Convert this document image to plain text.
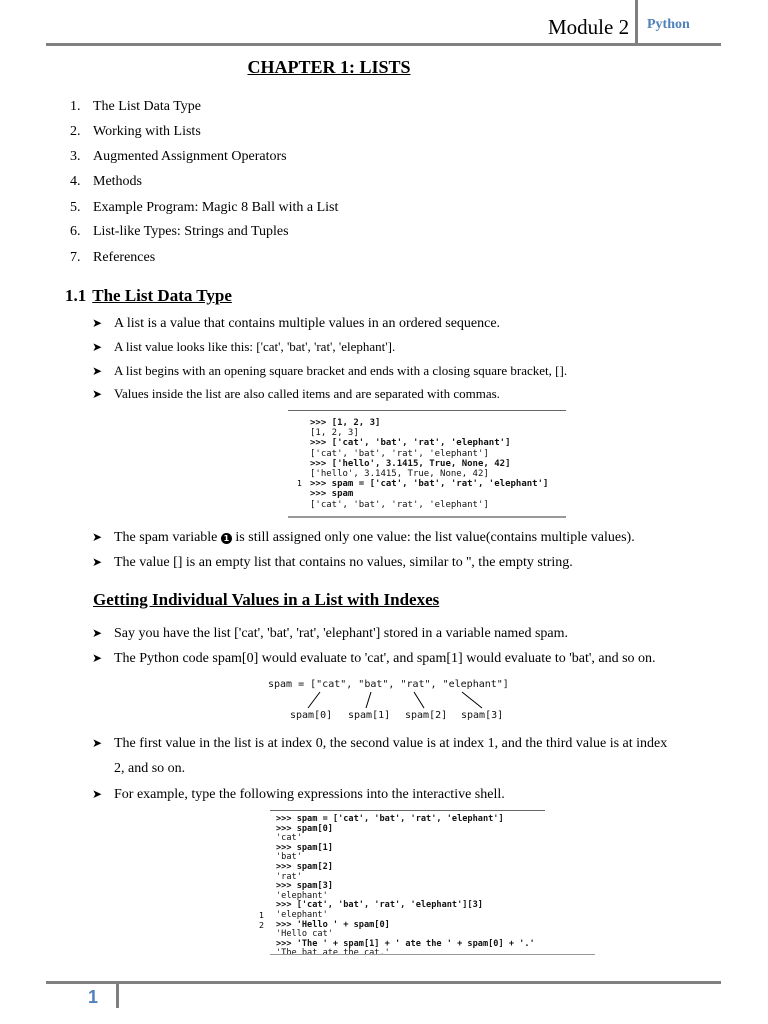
Module 2 Python
CHAPTER 1: LISTS
1. The List Data Type
2. Working with Lists
3. Augmented Assignment Operators
4. Methods
5. Example Program: Magic 8 Ball with a List
6. List-like Types: Strings and Tuples
7. References
1.1 The List Data Type
➤ A list is a value that contains multiple values in an ordered sequence.
➤ A list value looks like this: ['cat', 'bat', 'rat', 'elephant'].
➤ A list begins with an opening square bracket and ends with a closing square bracket, [].
➤ Values inside the list are also called items and are separated with commas.
>>> [1, 2, 3]
[1, 2, 3]
>>> ['cat', 'bat', 'rat', 'elephant']
['cat', 'bat', 'rat', 'elephant']
>>> ['hello', 3.1415, True, None, 42]
['hello', 3.1415, True, None, 42]
>>> spam = ['cat', 'bat', 'rat', 'elephant']
>>> spam
['cat', 'bat', 'rat', 'elephant']
1
➤ The spam variable 1 is still assigned only one value: the list value(contains multiple values).
➤ The value [] is an empty list that contains no values, similar to '', the empty string.
Getting Individual Values in a List with Indexes
➤ Say you have the list ['cat', 'bat', 'rat', 'elephant'] stored in a variable named spam.
➤ The Python code spam[0] would evaluate to 'cat', and spam[1] would evaluate to 'bat', and so on.
spam = ["cat", "bat", "rat", "elephant"]
spam[0] spam[1] spam[2] spam[3]
➤ The first value in the list is at index 0, the second value is at index 1, and the third value is at index
2, and so on.
➤ For example, type the following expressions into the interactive shell.
>>> spam = ['cat', 'bat', 'rat', 'elephant']
>>> spam[0]
'cat'
>>> spam[1]
'bat'
>>> spam[2]
'rat'
>>> spam[3]
'elephant'
>>> ['cat', 'bat', 'rat', 'elephant'][3]
'elephant'
>>> 'Hello ' + spam[0]
'Hello cat'
>>> 'The ' + spam[1] + ' ate the ' + spam[0] + '.'
1
2
1
